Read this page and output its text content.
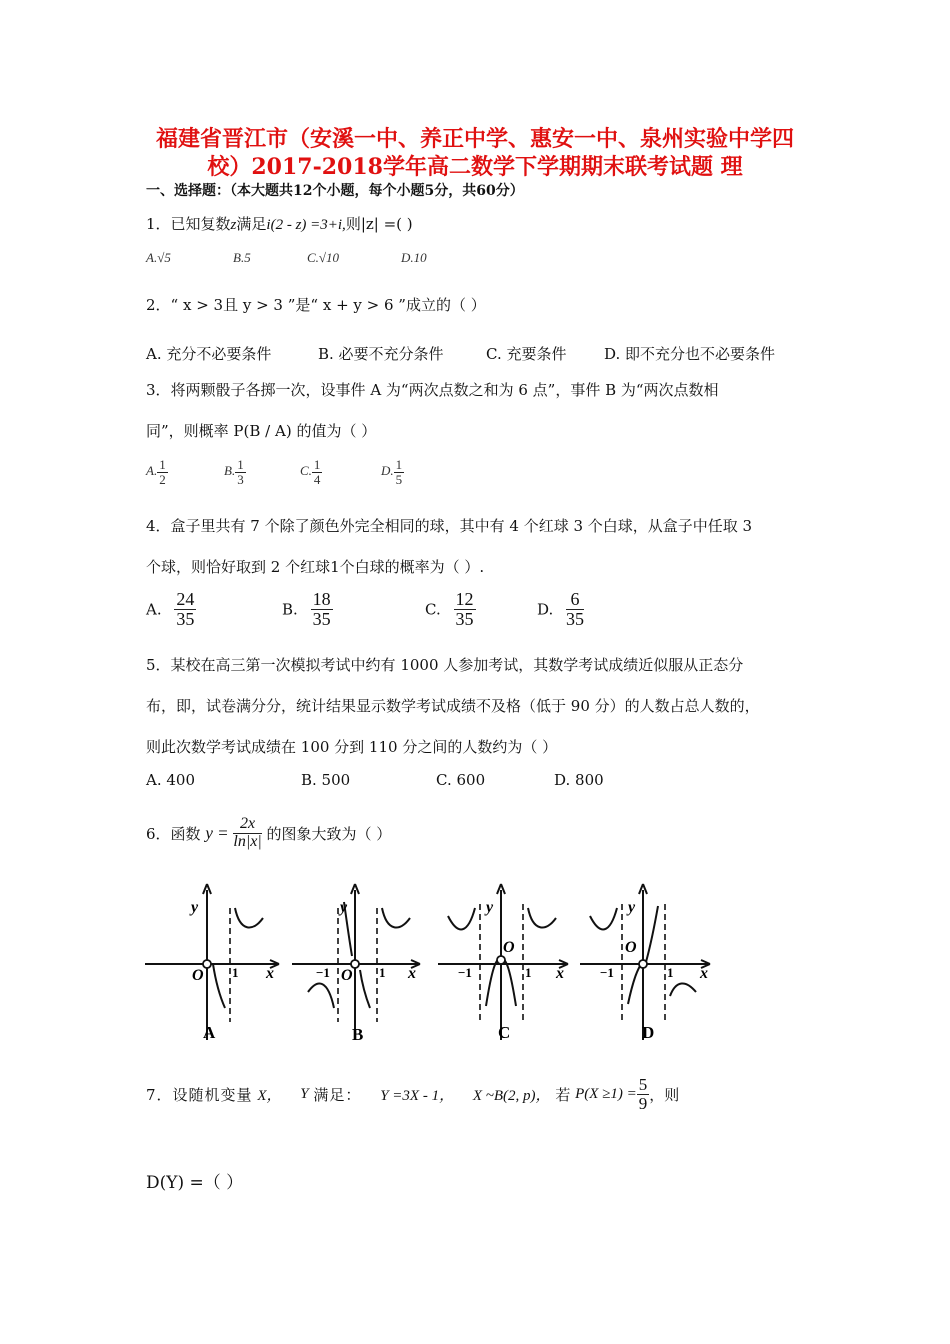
福建省晋江市（安溪一中、养正中学、惠安一中、泉州实验中学四
校）2017-2018学年高二数学下学期期末联考试题 理
一、选择题：（本大题共12个小题，每个小题5分，共60分）
1．已知复数z满足i(2 - z) =3+i,则|z| =( )
A.√5	B.5	C.√10	D.10
2．“ x > 3且 y > 3 ”是“ x + y > 6 ”成立的（ ）
A. 充分不必要条件	B. 必要不充分条件	C. 充要条件	D. 即不充分也不必要条件
3．将两颗骰子各掷一次，设事件 A 为“两次点数之和为 6 点”，事件 B 为“两次点数相
同”，则概率 P(B / A) 的值为（ ）
A. $\frac{1}{2}$	B. $\frac{1}{3}$	C. $\frac{1}{4}$	D. $\frac{1}{5}$
4．盒子里共有 7 个除了颜色外完全相同的球，其中有 4 个红球 3 个白球，从盒子中任取 3
个球，则恰好取到 2 个红球1个白球的概率为（ ）.
A. $\frac{24}{35}$	B. $\frac{18}{35}$	C. $\frac{12}{35}$	D. $\frac{6}{35}$
5．某校在高三第一次模拟考试中约有 1000 人参加考试，其数学考试成绩近似服从正态分
布，即，试卷满分分，统计结果显示数学考试成绩不及格（低于 90 分）的人数占总人数的，
则此次数学考试成绩在 100 分到 110 分之间的人数约为（ ）
A. 400	B. 500	C. 600	D. 800
6．函数 $y = \frac{2x}{\ln|x|}$ 的图象大致为（ ）
y
x
O 1
A
y
x
O
−1	1
B
y
x
O
−1	1
C
y
x
O
−1	1
D
7．设随机变量 X， Y 满足： Y =3X - 1， X ~B(2, p)， 若 $P(X \ge 1) = \frac{5}{9}$ ，则
D(Y) =（ ）
